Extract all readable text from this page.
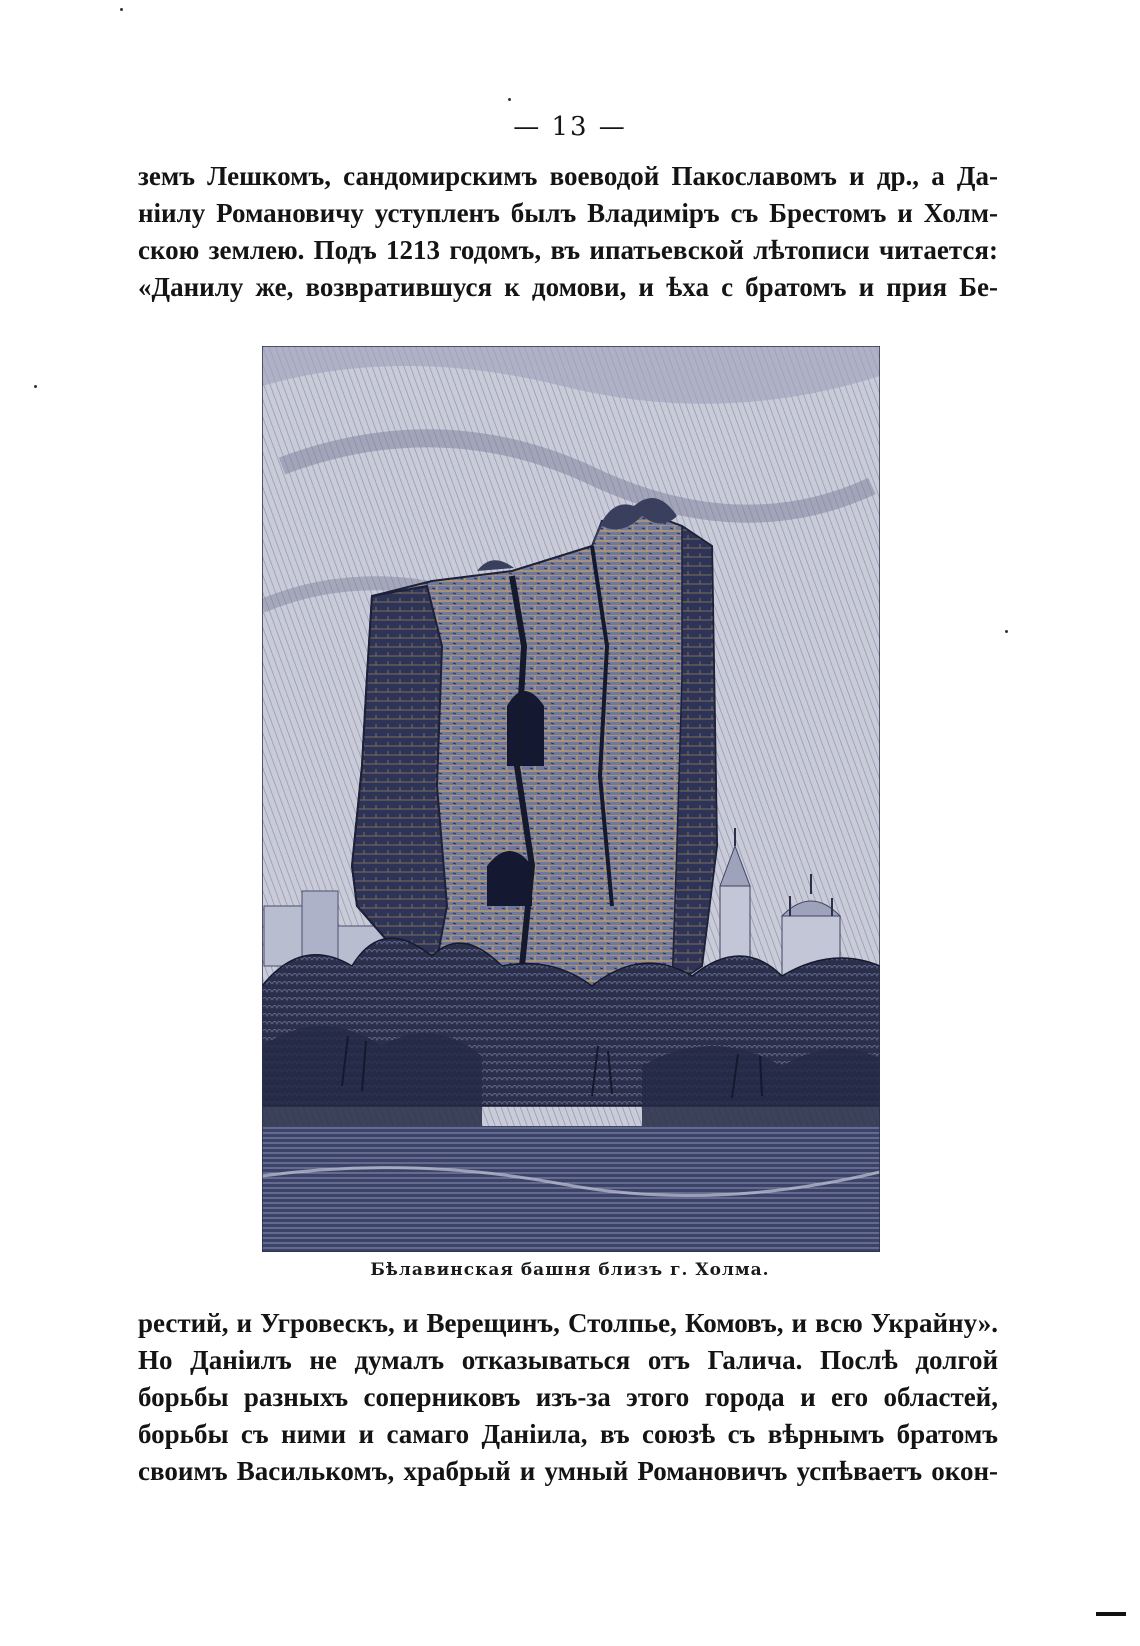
— 13 —
земъ Лешкомъ, сандомирскимъ воеводой Пакославомъ и др., а Да-
нiилу Романовичу уступленъ былъ Владимiръ съ Брестомъ и Холм-
скою землею. Подъ 1213 годомъ, въ ипатьевской лѣтописи читается:
«Данилу же, возвратившуся к домови, и ѣха с братомъ и прия Бе-
Бѣлавинская башня близъ г. Холма.
рестий, и Угровескъ, и Верещинъ, Столпье, Комовъ, и всю Украйну».
Но Даніилъ не думалъ отказываться отъ Галича. Послѣ долгой
борьбы разныхъ соперниковъ изъ-за этого города и его областей,
борьбы съ ними и самаго Даніила, въ союзѣ съ вѣрнымъ братомъ
своимъ Василькомъ, храбрый и умный Романовичъ успѣваетъ окон-
